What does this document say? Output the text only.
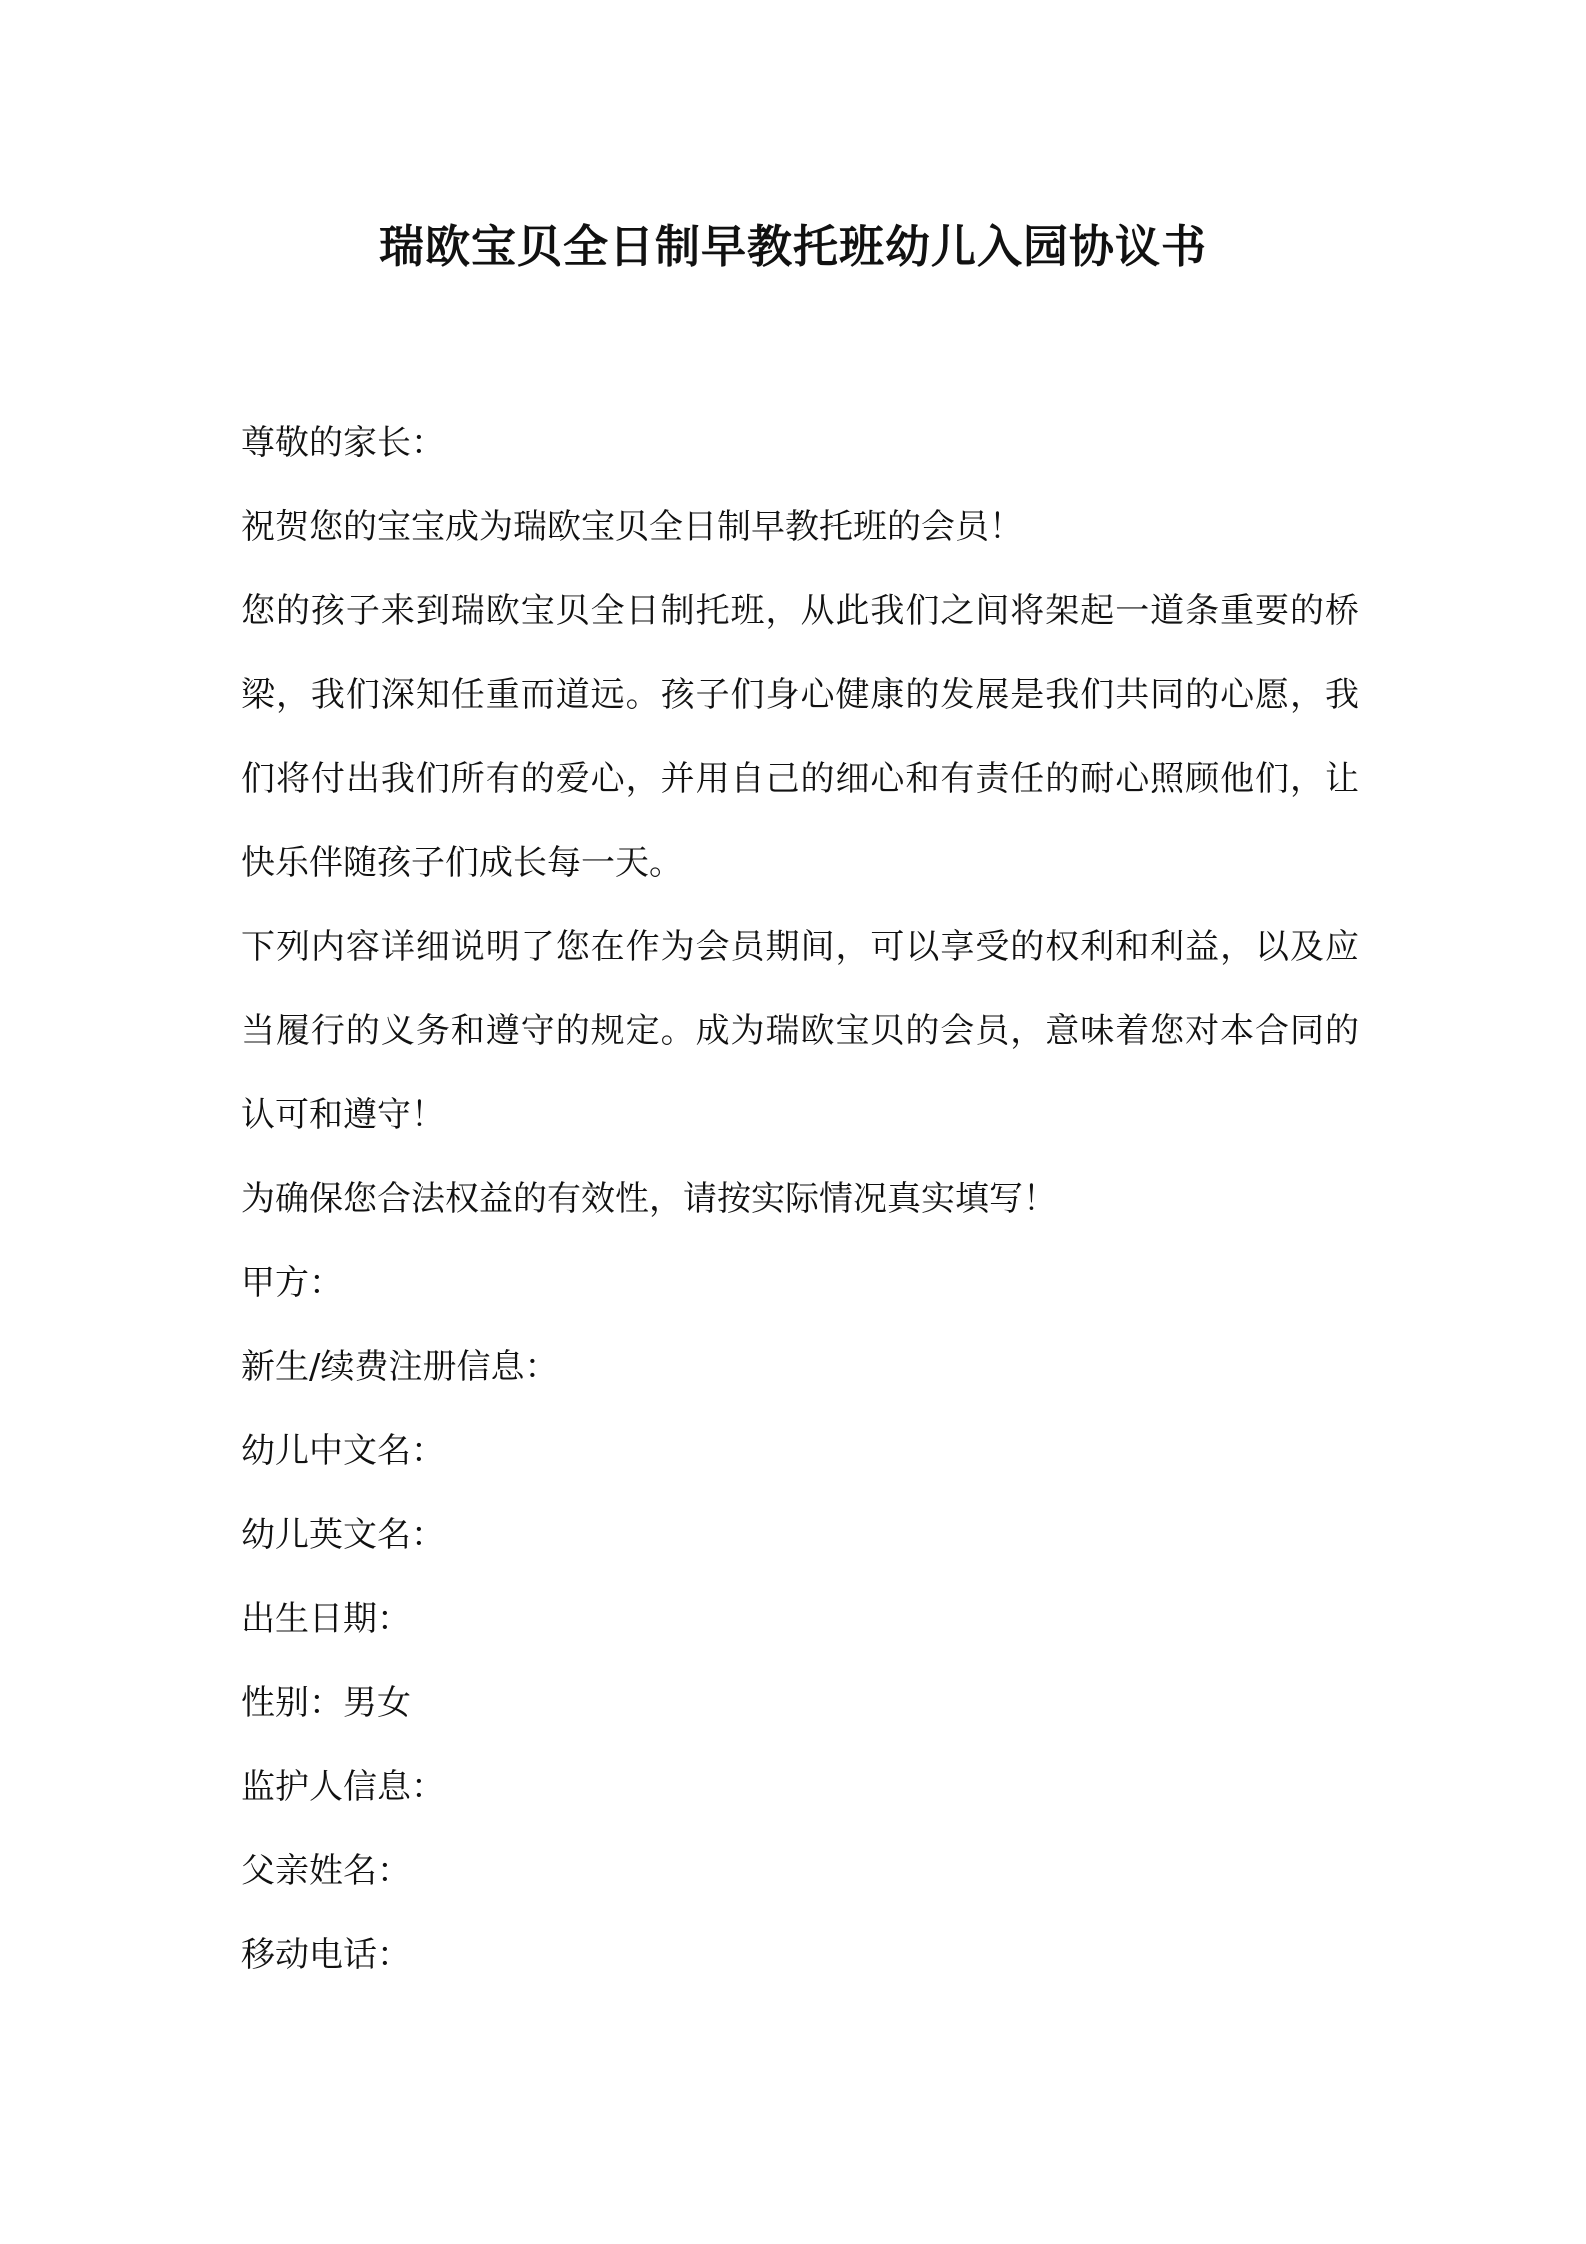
瑞欧宝贝全日制早教托班幼儿入园协议书

尊敬的家长：

祝贺您的宝宝成为瑞欧宝贝全日制早教托班的会员！

您的孩子来到瑞欧宝贝全日制托班，从此我们之间将架起一道条重要的桥梁，我们深知任重而道远。孩子们身心健康的发展是我们共同的心愿，我们将付出我们所有的爱心，并用自己的细心和有责任的耐心照顾他们，让快乐伴随孩子们成长每一天。

下列内容详细说明了您在作为会员期间，可以享受的权利和利益，以及应当履行的义务和遵守的规定。成为瑞欧宝贝的会员，意味着您对本合同的认可和遵守！

为确保您合法权益的有效性，请按实际情况真实填写！

甲方：

新生/续费注册信息：

幼儿中文名：

幼儿英文名：

出生日期：

性别：男女

监护人信息：

父亲姓名：

移动电话：
